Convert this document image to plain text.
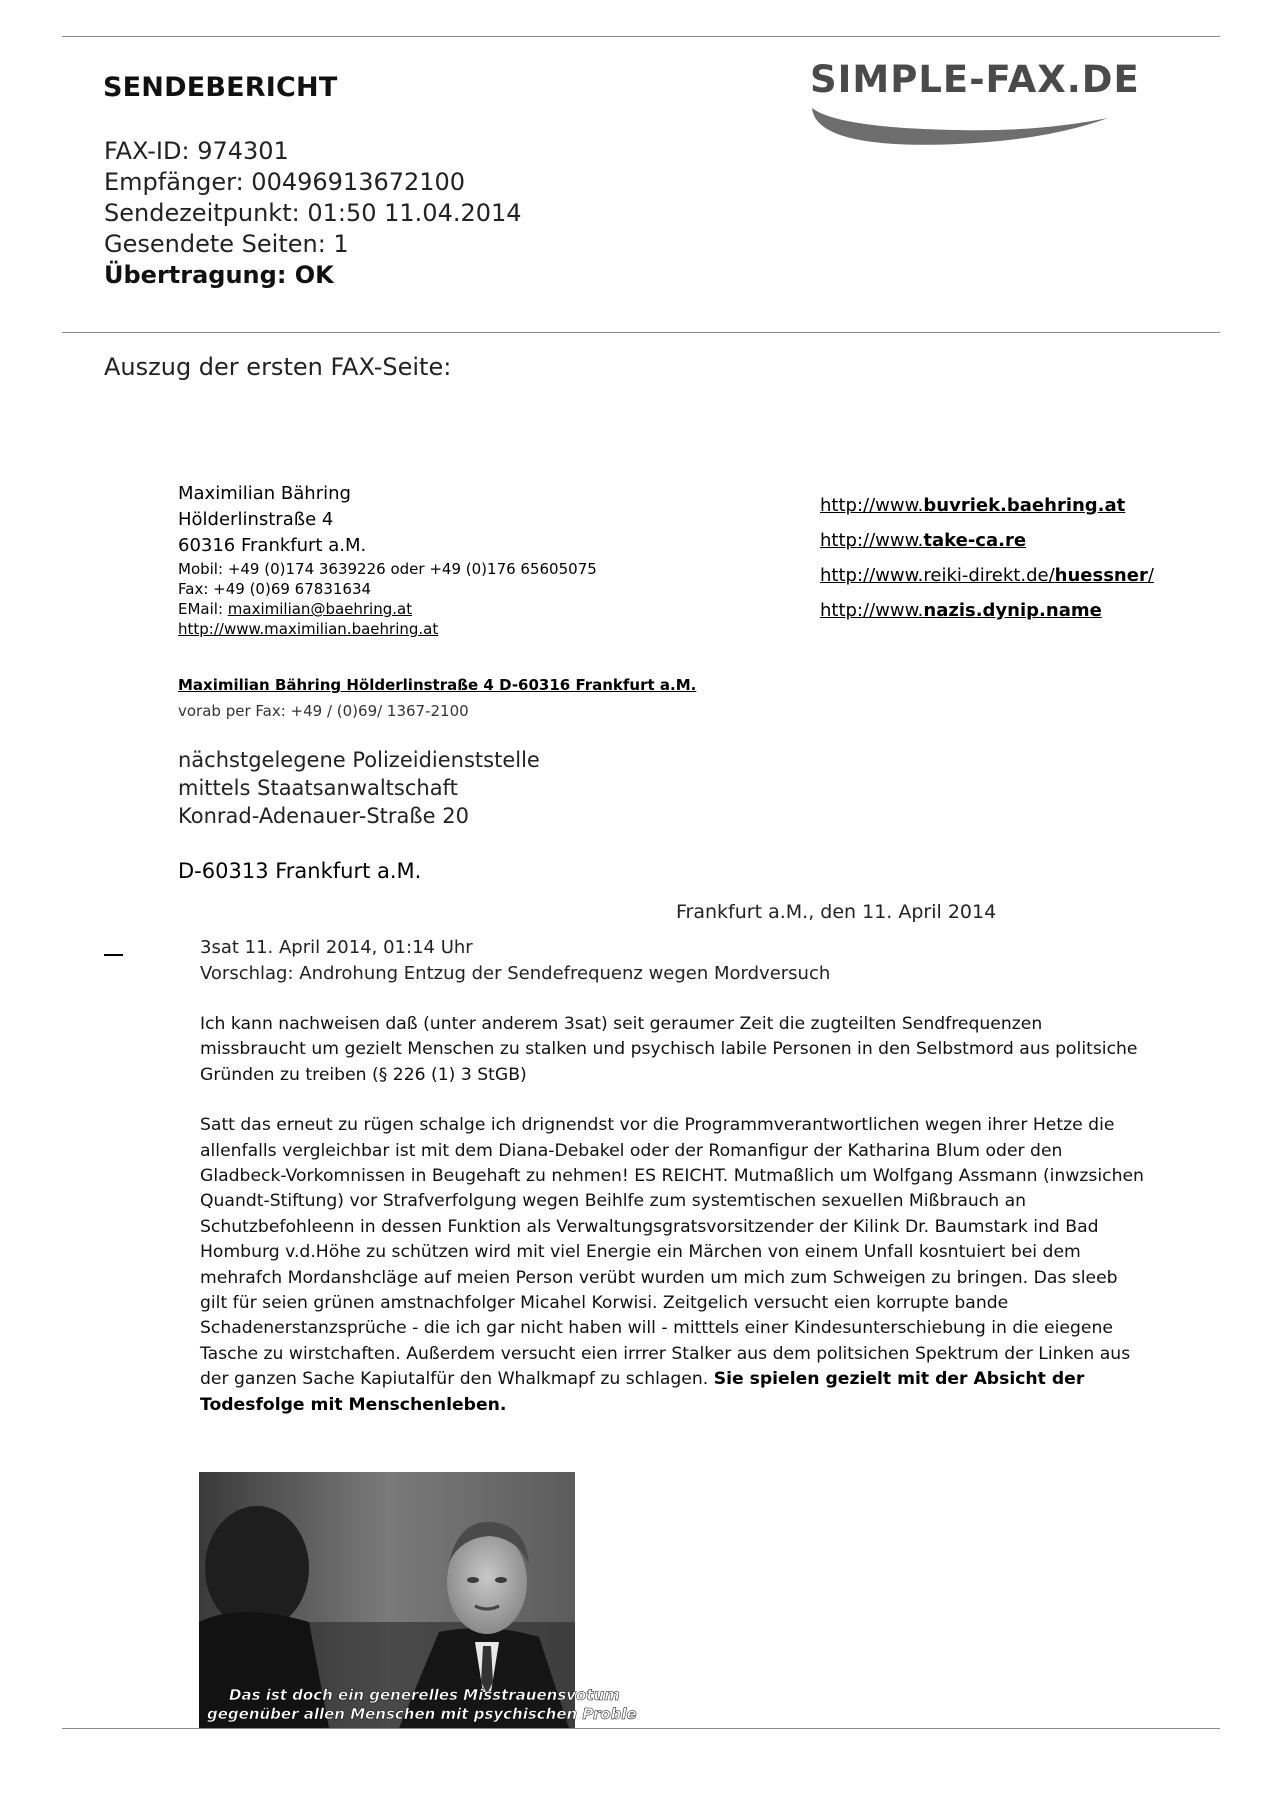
SENDEBERICHT	SIMPLE-FAX.DE
FAX-ID: 974301
Empfänger: 00496913672100
Sendezeitpunkt: 01:50 11.04.2014
Gesendete Seiten: 1
Übertragung: OK
Auszug der ersten FAX-Seite:
Maximilian Bähring
Hölderlinstraße 4
60316 Frankfurt a.M.
Mobil: +49 (0)174 3639226 oder +49 (0)176 65605075
Fax: +49 (0)69 67831634
EMail: maximilian@baehring.at
http://www.maximilian.baehring.at
http://www.buvriek.baehring.at
http://www.take-ca.re
http://www.reiki-direkt.de/huessner/
http://www.nazis.dynip.name
Maximilian Bähring Hölderlinstraße 4 D-60316 Frankfurt a.M.
vorab per Fax: +49 / (0)69/ 1367-2100
nächstgelegene Polizeidienststelle
mittels Staatsanwaltschaft
Konrad-Adenauer-Straße 20
D-60313 Frankfurt a.M.
Frankfurt a.M., den 11. April 2014
3sat 11. April 2014, 01:14 Uhr
Vorschlag: Androhung Entzug der Sendefrequenz wegen Mordversuch

Ich kann nachweisen daß (unter anderem 3sat) seit geraumer Zeit die zugteilten Sendfrequenzen missbraucht um gezielt Menschen zu stalken und psychisch labile Personen in den Selbstmord aus politsiche Gründen zu treiben (§ 226 (1) 3 StGB)

Satt das erneut zu rügen schalge ich drignendst vor die Programmverantwortlichen wegen ihrer Hetze die allenfalls vergleichbar ist mit dem Diana-Debakel oder der Romanfigur der Katharina Blum oder den Gladbeck-Vorkomnissen in Beugehaft zu nehmen! ES REICHT. Mutmaßlich um Wolfgang Assmann (inwzsichen Quandt-Stiftung) vor Strafverfolgung wegen Beihlfe zum systemtischen sexuellen Mißbrauch an Schutzbefohleenn in dessen Funktion als Verwaltungsgratsvorsitzender der Kilink Dr. Baumstark ind Bad Homburg v.d.Höhe zu schützen wird mit viel Energie ein Märchen von einem Unfall kosntuiert bei dem mehrafch Mordanshcläge auf meien Person verübt wurden um mich zum Schweigen zu bringen. Das sleeb gilt für seien grünen amstnachfolger Micahel Korwisi. Zeitgelich versucht eien korrupte bande Schadenerstanzsprüche - die ich gar nicht haben will - mitttels einer Kindesunterschiebung in die eiegene Tasche zu wirstchaften. Außerdem versucht eien irrrer Stalker aus dem politsichen Spektrum der Linken aus der ganzen Sache Kapiutalfür den Whalkmapf zu schlagen. Sie spielen gezielt mit der Absicht der Todesfolge mit Menschenleben.

Das ist doch ein generelles Misstrauensvotum
gegenüber allen Menschen mit psychischen Proble
